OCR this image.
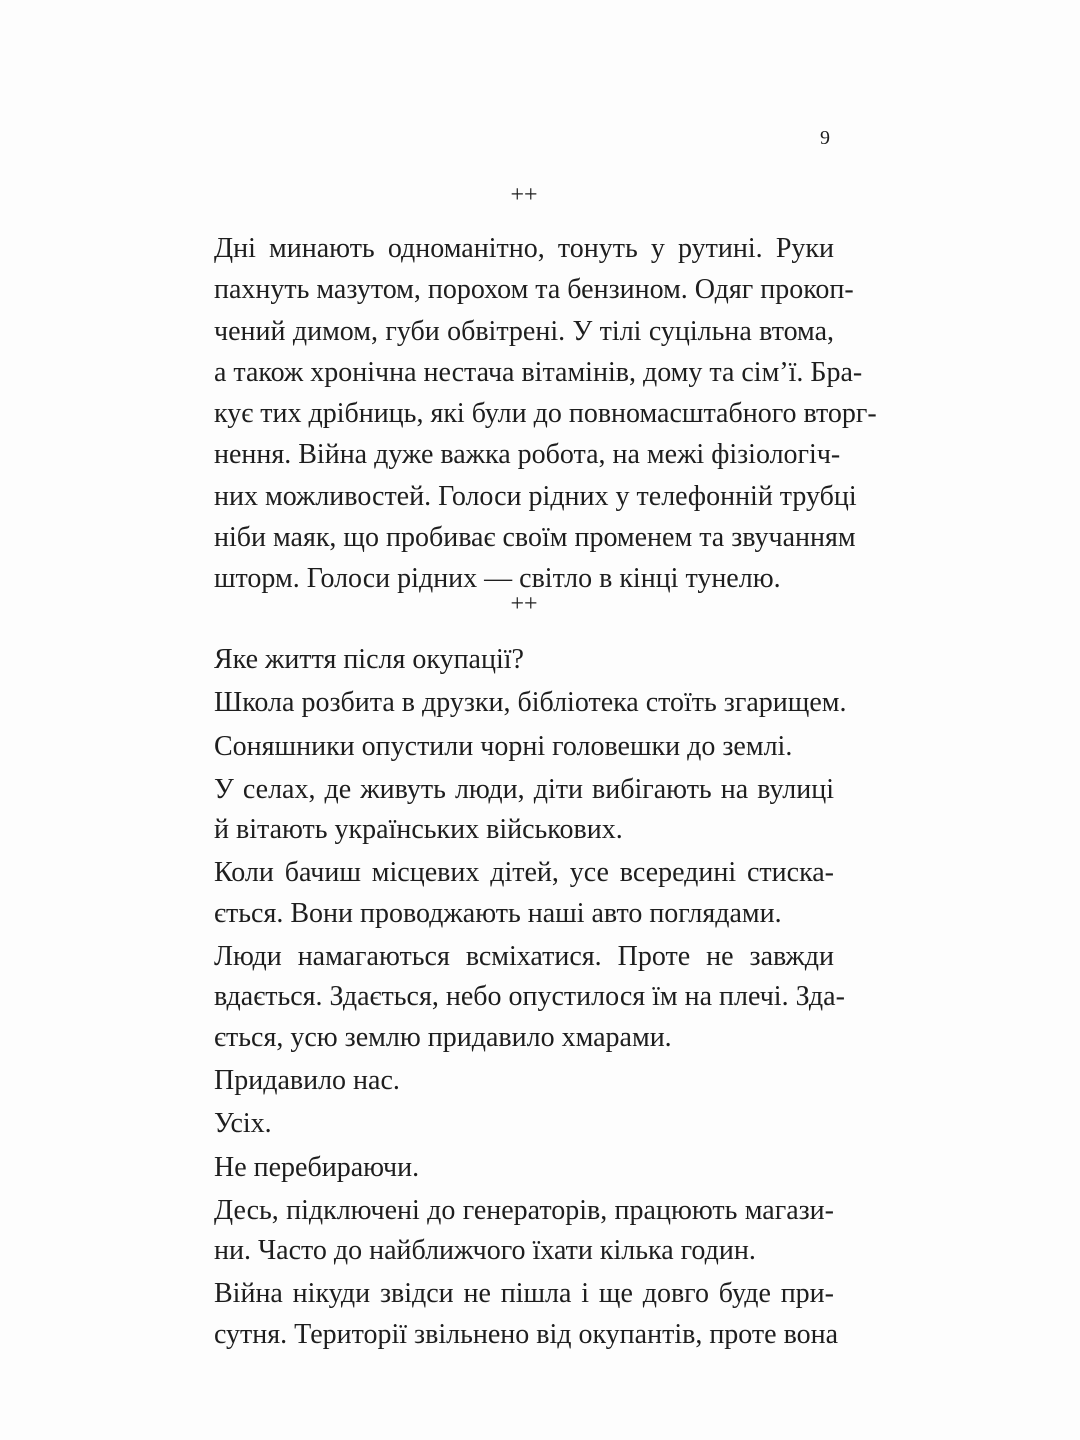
9
++
Дні минають одноманітно, тонуть у рутині. Руки
пахнуть мазутом, порохом та бензином. Одяг прокоп-
чений димом, губи обвітрені. У тілі суцільна втома,
а також хронічна нестача вітамінів, дому та сім’ї. Бра-
кує тих дрібниць, які були до повномасштабного вторг-
нення. Війна дуже важка робота, на межі фізіологіч-
них можливостей. Голоси рідних у телефонній трубці
ніби маяк, що пробиває своїм променем та звучанням
шторм. Голоси рідних — світло в кінці тунелю.
++
Яке життя після окупації?
Школа розбита в друзки, бібліотека стоїть згарищем.
Соняшники опустили чорні головешки до землі.
У селах, де живуть люди, діти вибігають на вулиці
й вітають українських військових.
Коли бачиш місцевих дітей, усе всередині стиска-
ється. Вони проводжають наші авто поглядами.
Люди намагаються всміхатися. Проте не завжди
вдається. Здається, небо опустилося їм на плечі. Зда-
ється, усю землю придавило хмарами.
Придавило нас.
Усіх.
Не перебираючи.
Десь, підключені до генераторів, працюють магази-
ни. Часто до найближчого їхати кілька годин.
Війна нікуди звідси не пішла і ще довго буде при-
сутня. Території звільнено від окупантів, проте вона
